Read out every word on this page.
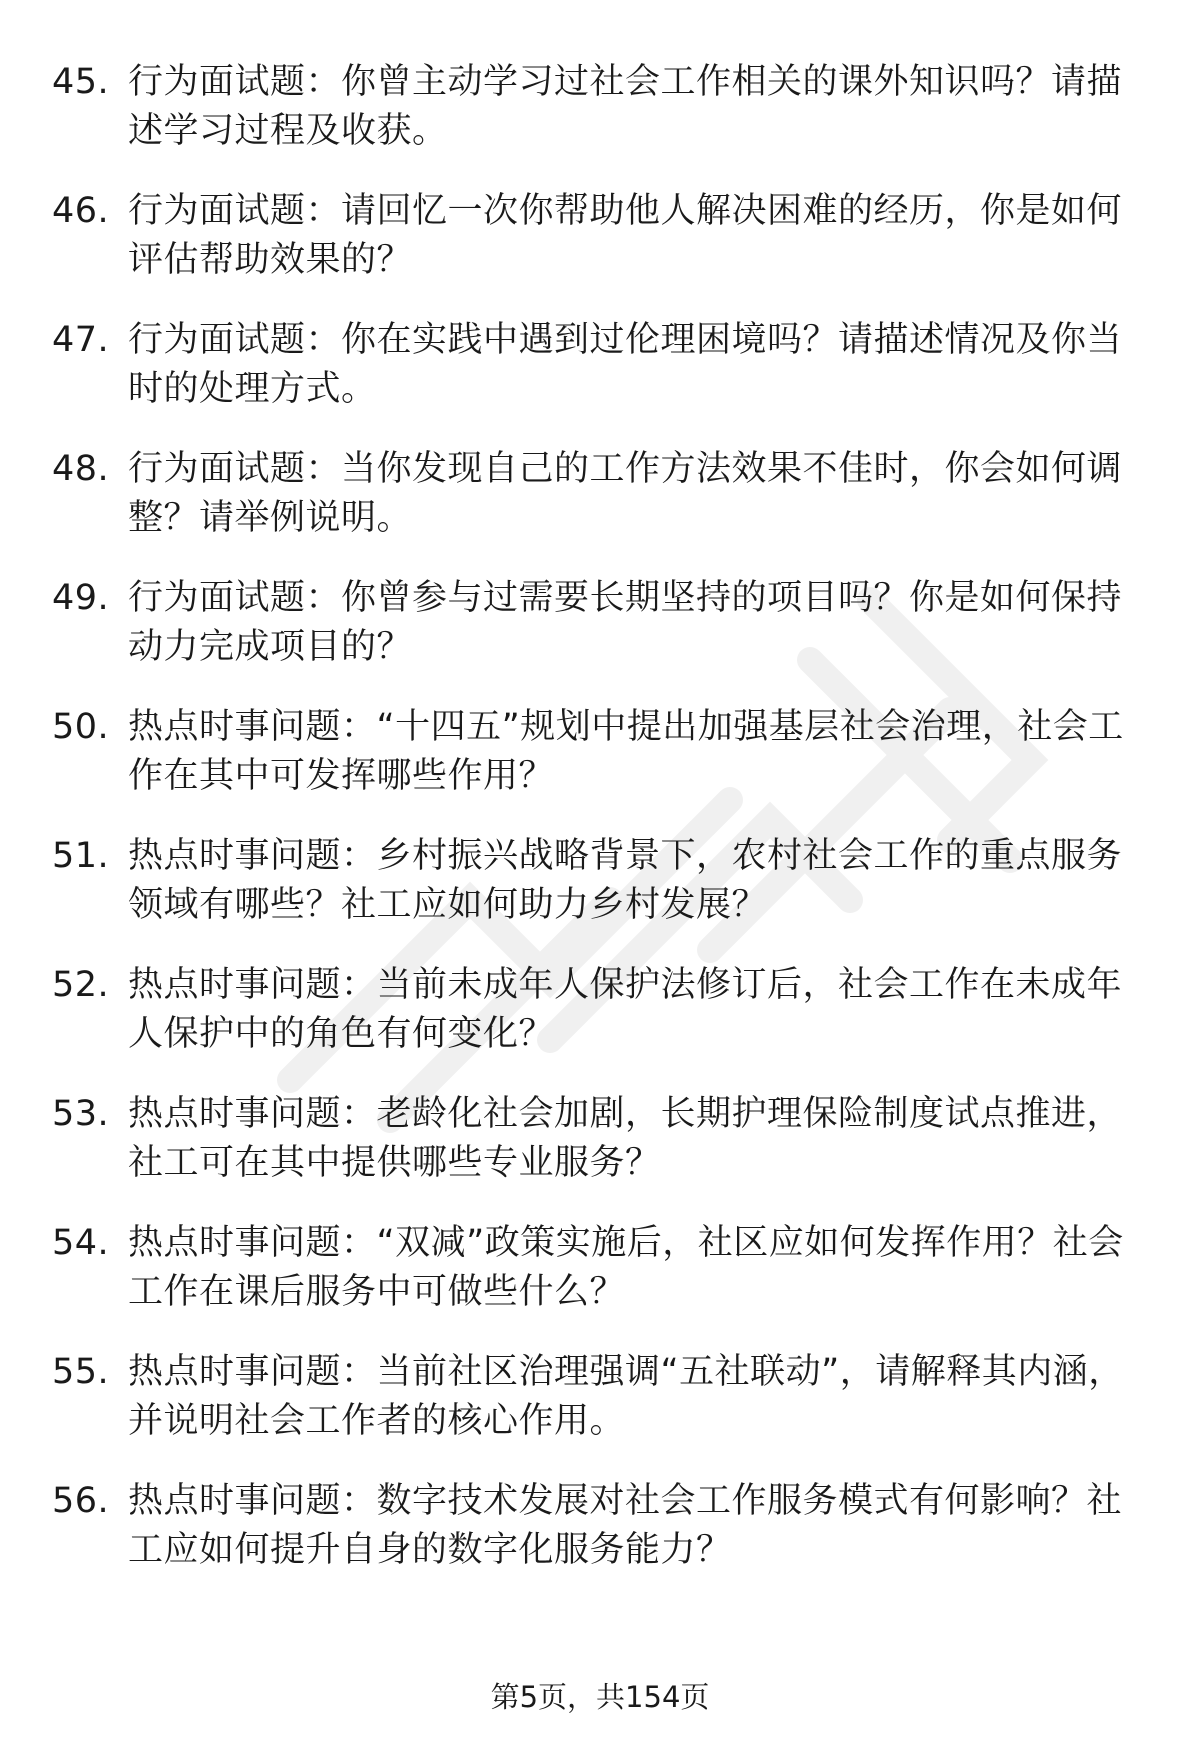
45. 行为面试题：你曾主动学习过社会工作相关的课外知识吗？请描述学习过程及收获。
46. 行为面试题：请回忆一次你帮助他人解决困难的经历，你是如何评估帮助效果的？
47. 行为面试题：你在实践中遇到过伦理困境吗？请描述情况及你当时的处理方式。
48. 行为面试题：当你发现自己的工作方法效果不佳时，你会如何调整？请举例说明。
49. 行为面试题：你曾参与过需要长期坚持的项目吗？你是如何保持动力完成项目的？
50. 热点时事问题：“十四五”规划中提出加强基层社会治理，社会工作在其中可发挥哪些作用？
51. 热点时事问题：乡村振兴战略背景下，农村社会工作的重点服务领域有哪些？社工应如何助力乡村发展？
52. 热点时事问题：当前未成年人保护法修订后，社会工作在未成年人保护中的角色有何变化？
53. 热点时事问题：老龄化社会加剧，长期护理保险制度试点推进，社工可在其中提供哪些专业服务？
54. 热点时事问题：“双减”政策实施后，社区应如何发挥作用？社会工作在课后服务中可做些什么？
55. 热点时事问题：当前社区治理强调“五社联动”，请解释其内涵，并说明社会工作者的核心作用。
56. 热点时事问题：数字技术发展对社会工作服务模式有何影响？社工应如何提升自身的数字化服务能力？
第5页，共154页
